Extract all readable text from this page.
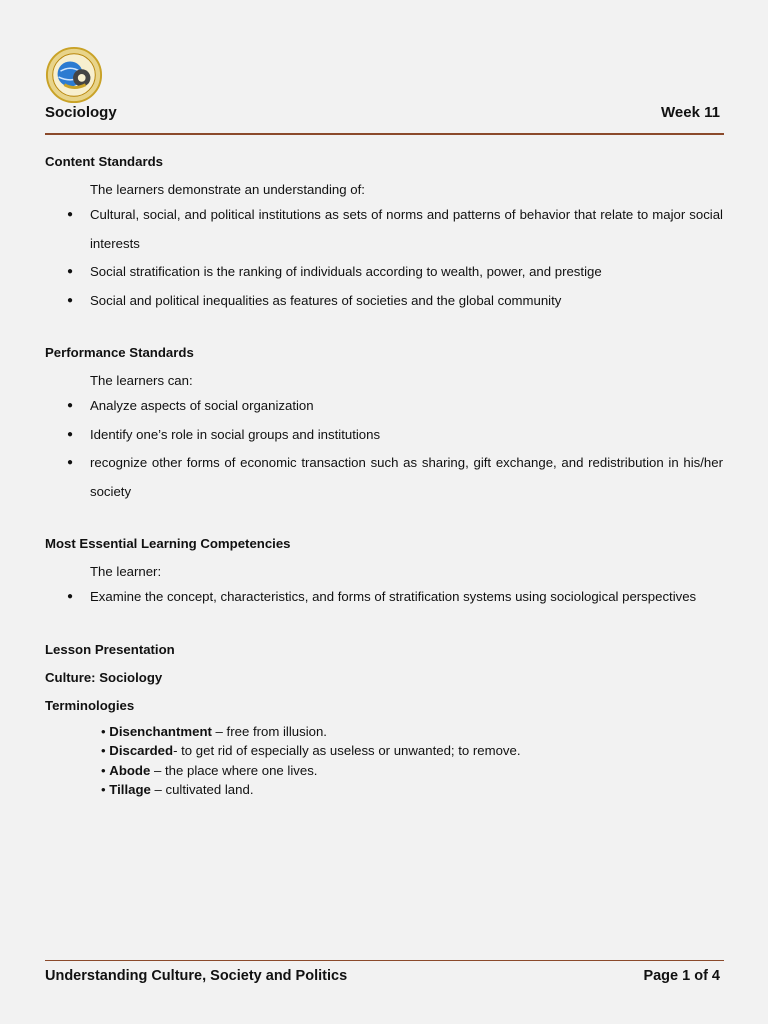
Sociology	Week 11
Content Standards
The learners demonstrate an understanding of:
● Cultural, social, and political institutions as sets of norms and patterns of behavior that relate to major social interests
● Social stratification is the ranking of individuals according to wealth, power, and prestige
● Social and political inequalities as features of societies and the global community
Performance Standards
The learners can:
● Analyze aspects of social organization
● Identify one’s role in social groups and institutions
● recognize other forms of economic transaction such as sharing, gift exchange, and redistribution in his/her society
Most Essential Learning Competencies
The learner:
● Examine the concept, characteristics, and forms of stratification systems using sociological perspectives
Lesson Presentation
Culture: Sociology
Terminologies
• Disenchantment – free from illusion.
• Discarded- to get rid of especially as useless or unwanted; to remove.
• Abode – the place where one lives.
• Tillage – cultivated land.
Understanding Culture, Society and Politics	Page 1 of 4
